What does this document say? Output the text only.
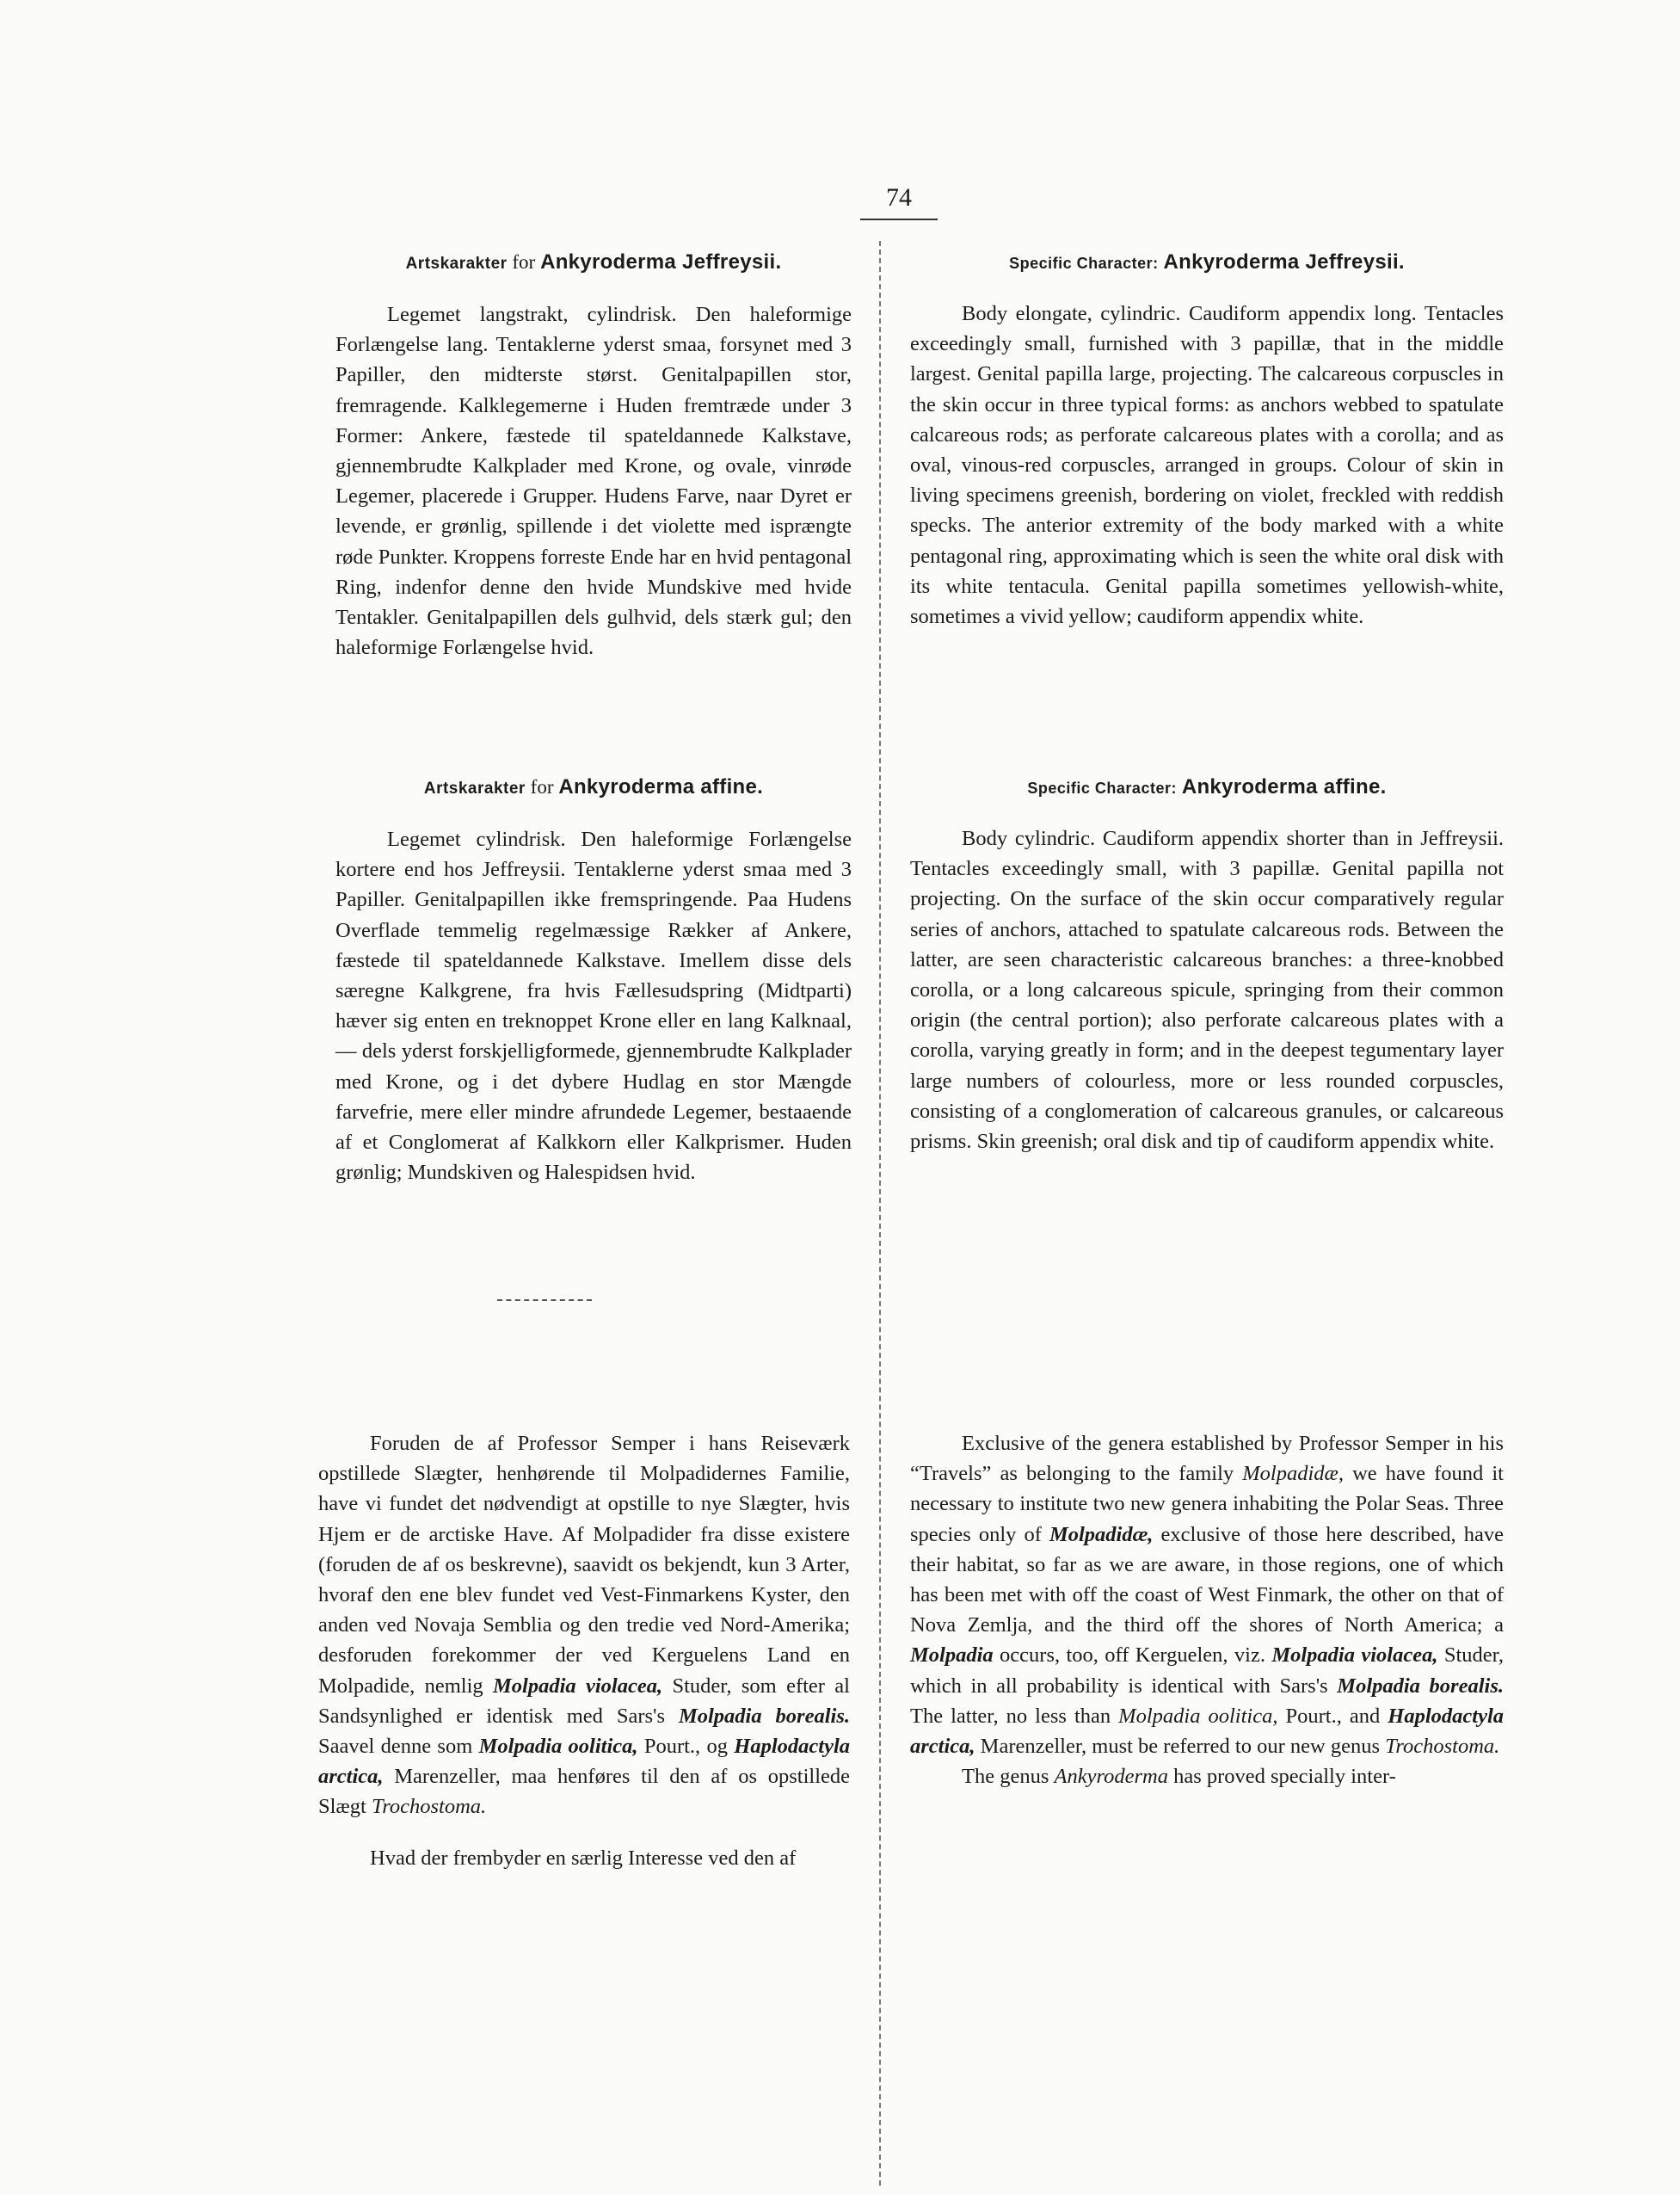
74
Artskarakter for Ankyroderma Jeffreysii.

Legemet langstrakt, cylindrisk. Den haleformige Forlængelse lang. Tentaklerne yderst smaa, forsynet med 3 Papiller, den midterste størst. Genitalpapillen stor, fremragende. Kalklegemerne i Huden fremtræde under 3 Former: Ankere, fæstede til spateldannede Kalkstave, gjennembrudte Kalkplader med Krone, og ovale, vinrøde Legemer, placerede i Grupper. Hudens Farve, naar Dyret er levende, er grønlig, spillende i det violette med isprængte røde Punkter. Kroppens forreste Ende har en hvid pentagonal Ring, indenfor denne den hvide Mundskive med hvide Tentakler. Genitalpapillen dels gulhvid, dels stærk gul; den haleformige Forlængelse hvid.

Specific Character: Ankyroderma Jeffreysii.

Body elongate, cylindric. Caudiform appendix long. Tentacles exceedingly small, furnished with 3 papillæ, that in the middle largest. Genital papilla large, projecting. The calcareous corpuscles in the skin occur in three typical forms: as anchors webbed to spatulate calcareous rods; as perforate calcareous plates with a corolla; and as oval, vinous-red corpuscles, arranged in groups. Colour of skin in living specimens greenish, bordering on violet, freckled with reddish specks. The anterior extremity of the body marked with a white pentagonal ring, approximating which is seen the white oral disk with its white tentacula. Genital papilla sometimes yellowish-white, sometimes a vivid yellow; caudiform appendix white.

Artskarakter for Ankyroderma affine.

Legemet cylindrisk. Den haleformige Forlængelse kortere end hos Jeffreysii. Tentaklerne yderst smaa med 3 Papiller. Genitalpapillen ikke fremspringende. Paa Hudens Overflade temmelig regelmæssige Rækker af Ankere, fæstede til spateldannede Kalkstave. Imellem disse dels særegne Kalkgrene, fra hvis Fællesudspring (Midtparti) hæver sig enten en treknoppet Krone eller en lang Kalknaal, — dels yderst forskjelligformede, gjennembrudte Kalkplader med Krone, og i det dybere Hudlag en stor Mængde farvefrie, mere eller mindre afrundede Legemer, bestaaende af et Conglomerat af Kalkkorn eller Kalkprismer. Huden grønlig; Mundskiven og Halespidsen hvid.

Specific Character: Ankyroderma affine.

Body cylindric. Caudiform appendix shorter than in Jeffreysii. Tentacles exceedingly small, with 3 papillæ. Genital papilla not projecting. On the surface of the skin occur comparatively regular series of anchors, attached to spatulate calcareous rods. Between the latter, are seen characteristic calcareous branches: a three-knobbed corolla, or a long calcareous spicule, springing from their common origin (the central portion); also perforate calcareous plates with a corolla, varying greatly in form; and in the deepest tegumentary layer large numbers of colourless, more or less rounded corpuscles, consisting of a conglomeration of calcareous granules, or calcareous prisms. Skin greenish; oral disk and tip of caudiform appendix white.

Foruden de af Professor Semper i hans Reiseværk opstillede Slægter, henhørende til Molpadidernes Familie, have vi fundet det nødvendigt at opstille to nye Slægter, hvis Hjem er de arctiske Have. Af Molpadider fra disse existere (foruden de af os beskrevne), saavidt os bekjendt, kun 3 Arter, hvoraf den ene blev fundet ved Vest-Finmarkens Kyster, den anden ved Novaja Semblia og den tredie ved Nord-Amerika; desforuden forekommer der ved Kerguelens Land en Molpadide, nemlig Molpadia violacea, Studer, som efter al Sandsynlighed er identisk med Sars's Molpadia borealis. Saavel denne som Molpadia oolitica, Pourt., og Haplodactyla arctica, Marenzeller, maa henføres til den af os opstillede Slægt Trochostoma.

Hvad der frembyder en særlig Interesse ved den af

Exclusive of the genera established by Professor Semper in his “Travels” as belonging to the family Molpadidæ, we have found it necessary to institute two new genera inhabiting the Polar Seas. Three species only of Molpadidæ, exclusive of those here described, have their habitat, so far as we are aware, in those regions, one of which has been met with off the coast of West Finmark, the other on that of Nova Zemlja, and the third off the shores of North America; a Molpadia occurs, too, off Kerguelen, viz. Molpadia violacea, Studer, which in all probability is identical with Sars's Molpadia borealis. The latter, no less than Molpadia oolitica, Pourt., and Haplodactyla arctica, Marenzeller, must be referred to our new genus Trochostoma.

The genus Ankyroderma has proved specially inter-
